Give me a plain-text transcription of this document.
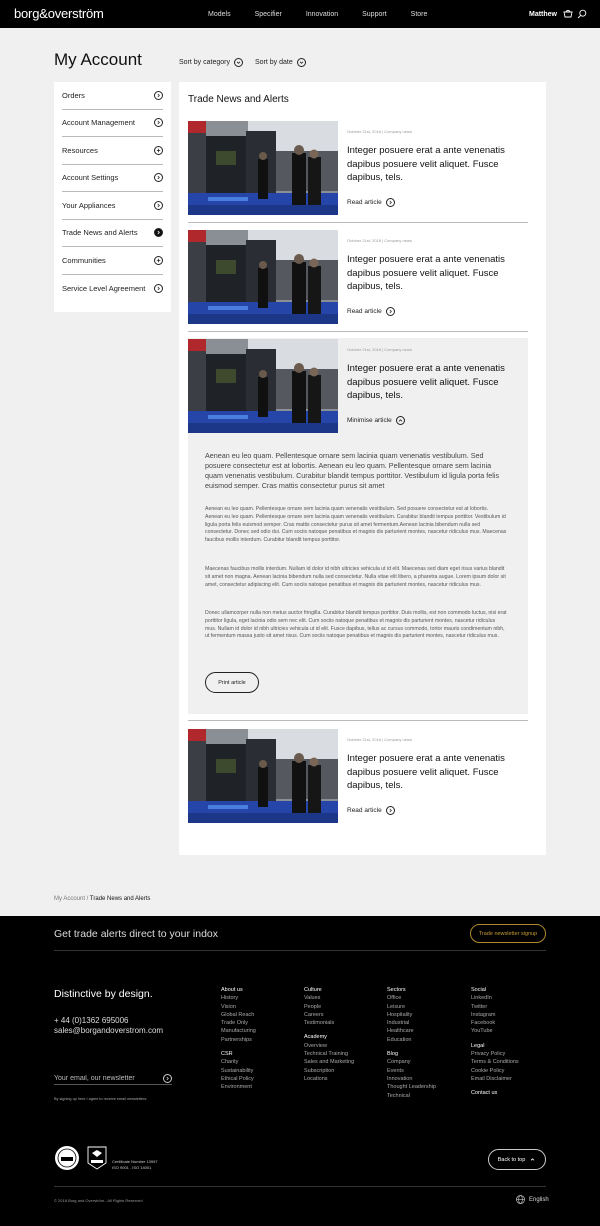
borg&overström	Models	Specifier	Innovation	Support	Store	Matthew
My Account	Sort by category	Sort by date
Orders
Account Management
Resources
Account Settings
Your Appliances
Trade News and Alerts
Communities
Service Level Agreement
Trade News and Alerts
Aenean eu leo quam. Pellentesque ornare sem lacinia quam venenatis vestibulum. Sed posuere consectetur est at lobortis. Aenean eu leo quam. Pellentesque ornare sem lacinia quam venenatis vestibulum. Curabitur blandit tempus porttitor. Vestibulum id ligula porta felis euismod semper. Cras mattis consectetur purus sit amet
Aenean eu leo quam. Pellentesque ornare sem lacinia quam venenatis vestibulum. Sed posuere consectetur est at lobortis. Aenean eu leo quam. Pellentesque ornare sem lacinia quam venenatis vestibulum. Curabitur blandit tempus porttitor. Vestibulum id ligula porta felis euismod semper. Cras mattis consectetur purus sit amet fermentum.Aenean lacinia bibendum nulla sed consectetur. Donec sed odio dui. Cum sociis natoque penatibus et magnis dis parturient montes, nascetur ridiculus mus. Maecenas faucibus mollis interdum. Curabitur blandit tempus porttitor.
Maecenas faucibus mollis interdum. Nullam id dolor id nibh ultricies vehicula ut id elit. Maecenas sed diam eget risus varius blandit sit amet non magna. Aenean lacinia bibendum nulla sed consectetur. Nulla vitae elit libero, a pharetra augue. Lorem ipsum dolor sit amet, consectetur adipiscing elit. Cum sociis natoque penatibus et magnis dis parturient montes, nascetur ridiculus mus.
Donec ullamcorper nulla non metus auctor fringilla. Curabitur blandit tempus porttitor. Duis mollis, est non commodo luctus, nisi erat porttitor ligula, eget lacinia odio sem nec elit. Cum sociis natoque penatibus et magnis dis parturient montes, nascetur ridiculus mus. Nullam id dolor id nibh ultricies vehicula ut id elit. Fusce dapibus, tellus ac cursus commodo, tortor mauris condimentum nibh, ut fermentum massa justo sit amet risus. Cum sociis natoque penatibus et magnis dis parturient montes, nascetur ridiculus mus.
Print article
October 21st, 2018 | Company news
Integer posuere erat a ante venenatis dapibus posuere velit aliquet. Fusce dapibus, tels.
Read article
October 21st, 2018 | Company news
Integer posuere erat a ante venenatis dapibus posuere velit aliquet. Fusce dapibus, tels.
Read article
October 21st, 2018 | Company news
Integer posuere erat a ante venenatis dapibus posuere velit aliquet. Fusce dapibus, tels.
Minimise article
October 21st, 2018 | Company news
Integer posuere erat a ante venenatis dapibus posuere velit aliquet. Fusce dapibus, tels.
Read article
My Account / Trade News and Alerts
Get trade alerts direct to your indox	Trade newsletter signup
Distinctive by design.
+ 44 (0)1362 695006
sales@borgandoverstrom.com
Your email, our newsletter
By signing up here I agree to receive email newsletters.
About us
History
Vision
Global Reach
Trade Only
Manufacturing
Partnerships
CSR
Charity
Sustainability
Ethical Policy
Environment
Culture
Values
People
Careers
Testimonials
Academy
Overview
Technical Training
Sales and Marketing
Subscription
Locations
Sectors
Office
Leisure
Hospitality
Industrial
Healthcare
Education
Blog
Company
Events
Innovation
Thought Leadership
Technical
Social
LinkedIn
Twitter
Instagram
Facebook
YouTube
Legal
Privacy Policy
Terms & Conditions
Cookie Policy
Email Disclaimer
Contact us
Certificate Number 13997
ISO 9001 , ISO 14001
Back to top
© 2018 Borg and Overström - All Rights Reserved	English
